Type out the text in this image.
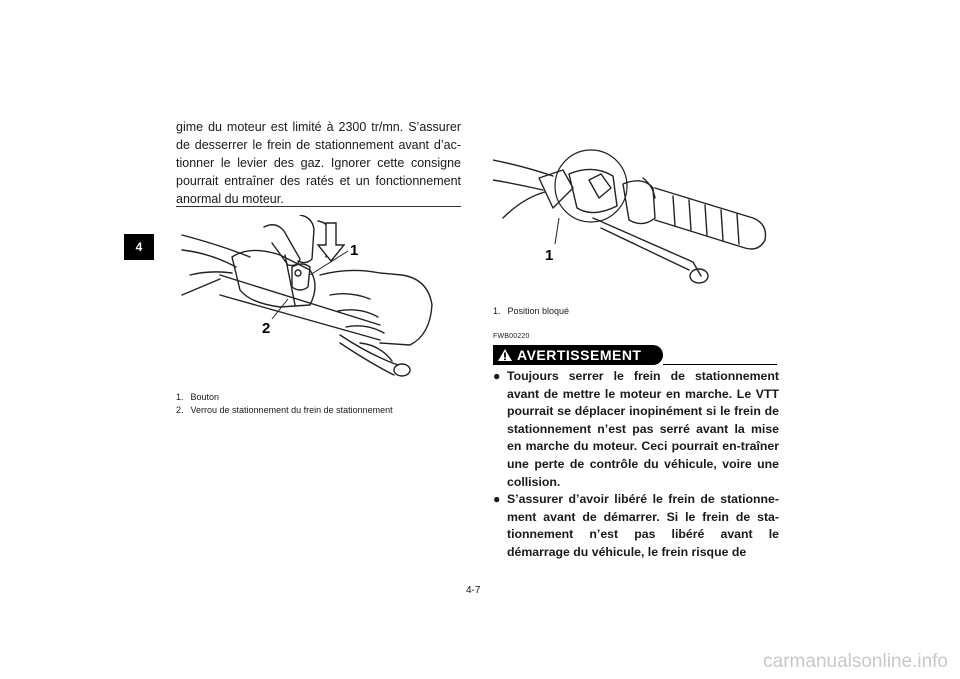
4
gime du moteur est limité à 2300 tr/mn. S’assurer de desserrer le frein de stationnement avant d’ac-tionner le levier des gaz. Ignorer cette consigne pourrait entraîner des ratés et un fonctionnement anormal du moteur.
1
2
1. Bouton
2. Verrou de stationnement du frein de stationnement
1
1. Position bloqué
FWB00220
AVERTISSEMENT
● Toujours serrer le frein de stationnement avant de mettre le moteur en marche. Le VTT pourrait se déplacer inopinément si le frein de stationnement n’est pas serré avant la mise en marche du moteur. Ceci pourrait en-traîner une perte de contrôle du véhicule, voire une collision.
● S’assurer d’avoir libéré le frein de stationne-ment avant de démarrer. Si le frein de sta-tionnement n’est pas libéré avant le démarrage du véhicule, le frein risque de
4-7
carmanualsonline.info
